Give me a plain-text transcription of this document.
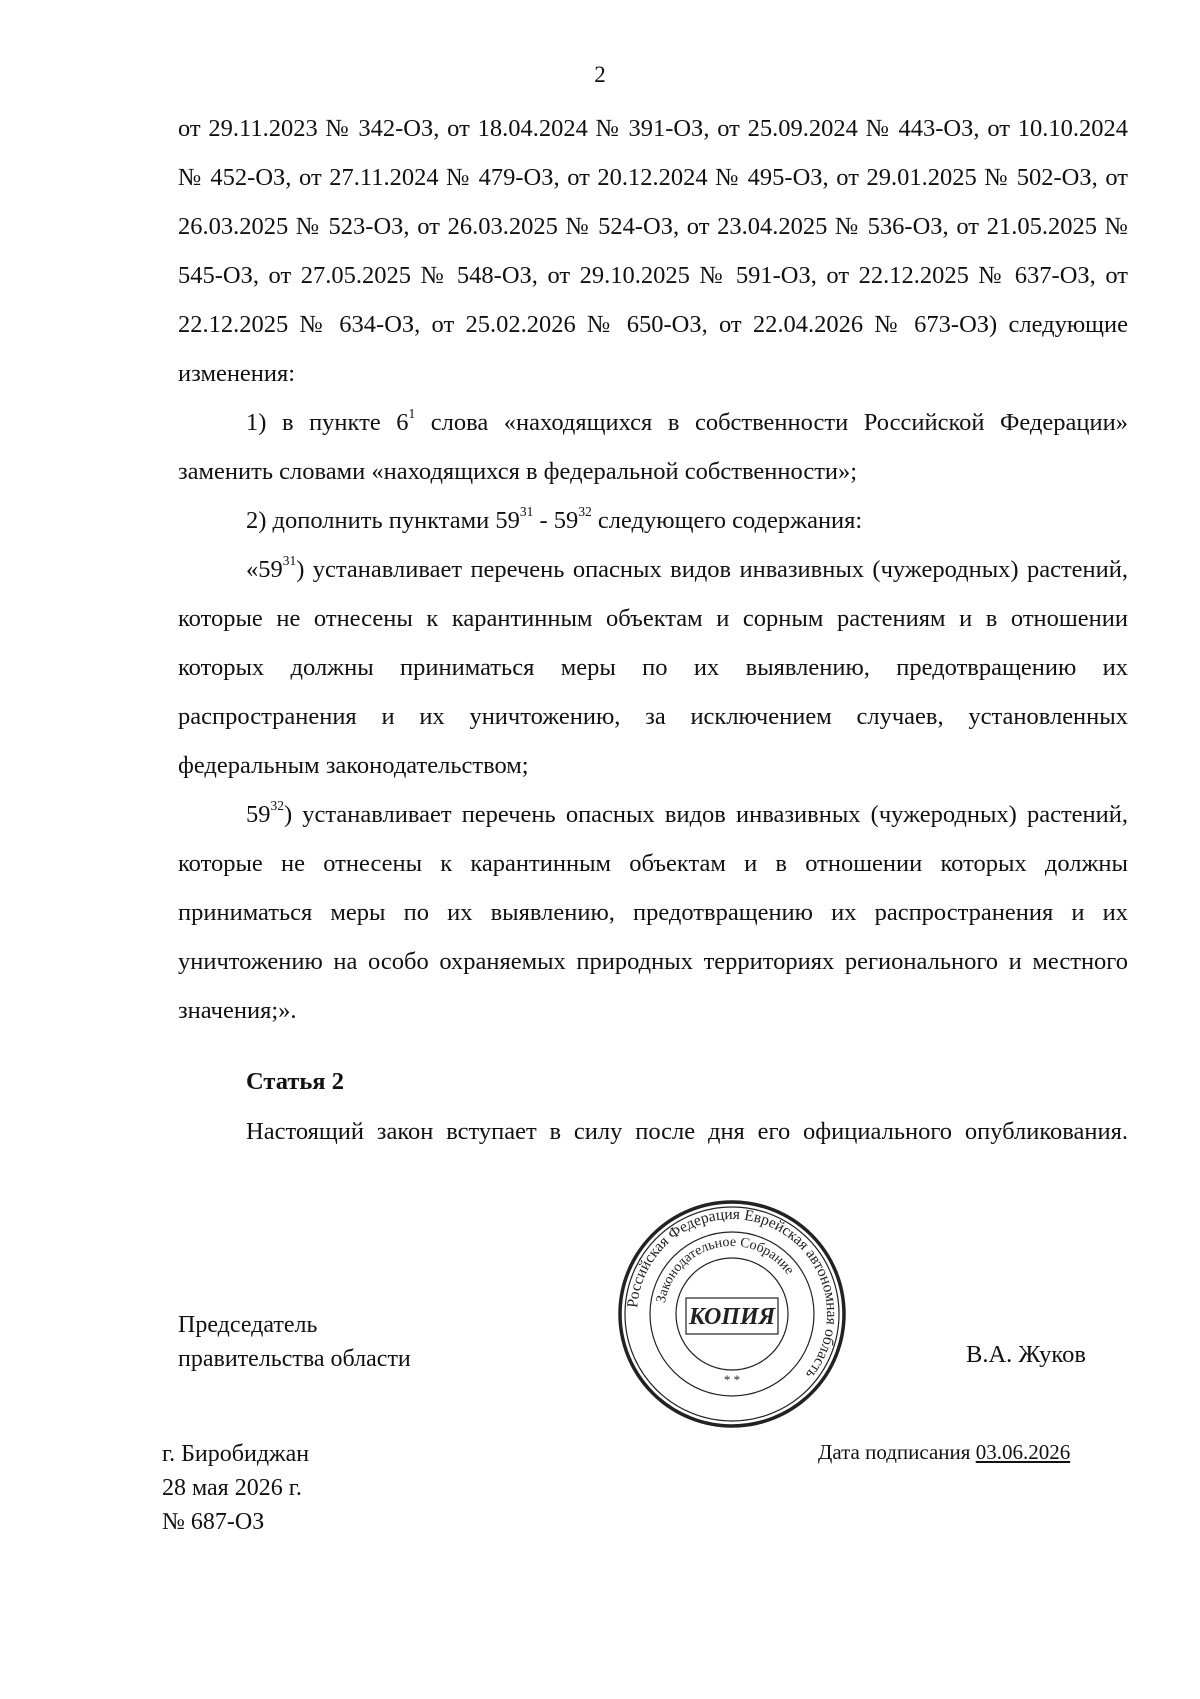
2

от 29.11.2023 № 342-ОЗ, от 18.04.2024 № 391-ОЗ, от 25.09.2024 № 443-ОЗ, от 10.10.2024 № 452-ОЗ, от 27.11.2024 № 479-ОЗ, от 20.12.2024 № 495-ОЗ, от 29.01.2025 № 502-ОЗ, от 26.03.2025 № 523-ОЗ, от 26.03.2025 № 524-ОЗ, от 23.04.2025 № 536-ОЗ, от 21.05.2025 № 545-ОЗ, от 27.05.2025 № 548-ОЗ, от 29.10.2025 № 591-ОЗ, от 22.12.2025 № 637-ОЗ, от 22.12.2025 № 634-ОЗ, от 25.02.2026 № 650-ОЗ, от 22.04.2026 № 673-ОЗ) следующие изменения:

1) в пункте $6^1$ слова «находящихся в собственности Российской Федерации» заменить словами «находящихся в федеральной собственности»;

2) дополнить пунктами $59^{31} - 59^{32}$ следующего содержания:

«$59^{31}$) устанавливает перечень опасных видов инвазивных (чужеродных) растений, которые не отнесены к карантинным объектам и сорным растениям и в отношении которых должны приниматься меры по их выявлению, предотвращению их распространения и их уничтожению, за исключением случаев, установленных федеральным законодательством;

$59^{32}$) устанавливает перечень опасных видов инвазивных (чужеродных) растений, которые не отнесены к карантинным объектам и в отношении которых должны приниматься меры по их выявлению, предотвращению их распространения и их уничтожению на особо охраняемых природных территориях регионального и местного значения;».

Статья 2
Настоящий закон вступает в силу после дня его официального опубликования.
Председатель
правительства области	В.А. Жуков
Российская Федерация Еврейская автономная область
Законодательное Собрание
КОПИЯ
* *
г. Биробиджан
28 мая 2026 г.
№ 687-ОЗ
Дата подписания 03.06.2026
